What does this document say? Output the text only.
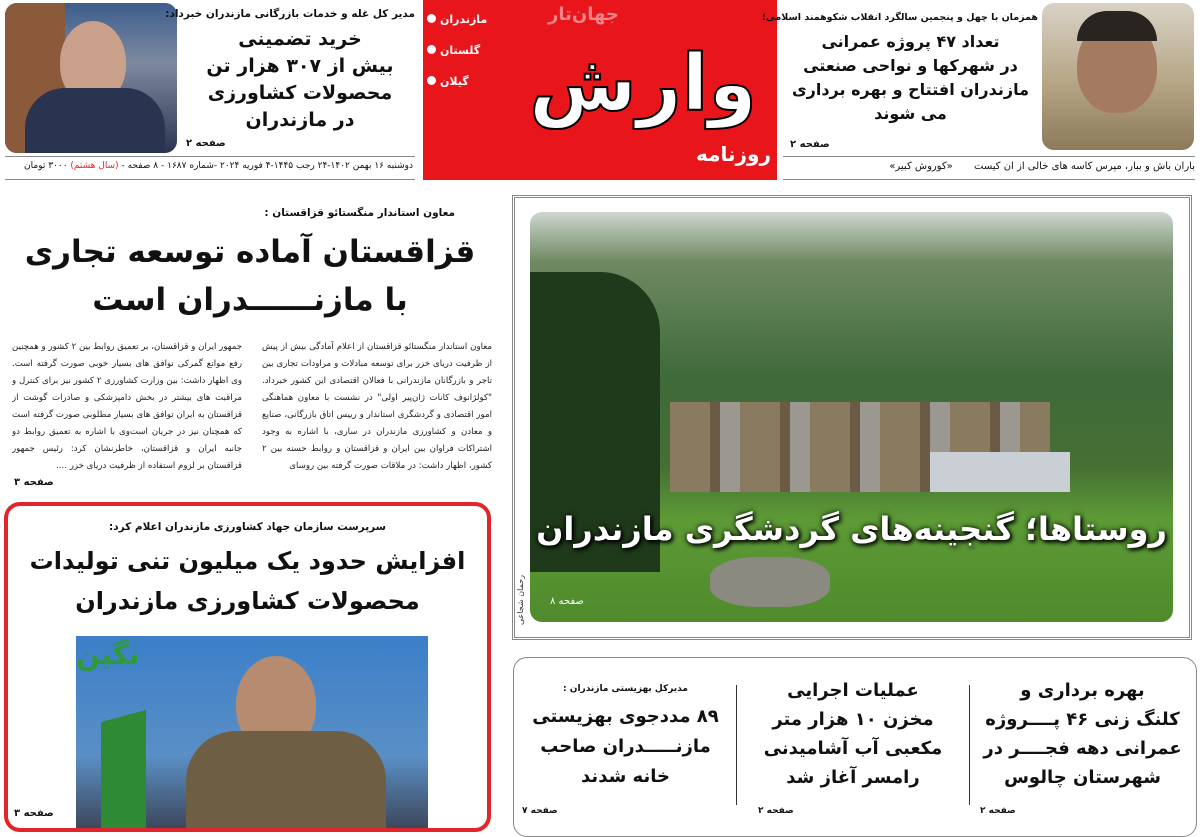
مدیر کل غله و خدمات بازرگانی مازندران خبرداد:
خرید تضمینی
بیش از ۳۰۷ هزار تن
محصولات کشاورزی
در مازندران
صفحه ۲
وارش
جهان‌تار
مازندران
گلستان
گیلان
روزنامه
همزمان با چهل و پنجمین سالگرد انقلاب شکوهمند اسلامی؛
تعداد ۴۷ پروژه عمرانی
در شهرکها و نواحی صنعتی
مازندران افتتاح و بهره برداری
می شوند
صفحه ۲
دوشنبه ۱۶ بهمن ۱۴۰۲-۲۴ رجب ۱۴۴۵-۴ فوریه ۲۰۲۴ -شماره ۱۶۸۷ - ۸ صفحه - (سال هشتم) ۳۰۰۰ تومان	باران باش و ببار، مپرس کاسه های خالی از آن کیست «کوروش کبیر»
معاون استاندار منگستائو قزاقستان :
قزاقستان آماده توسعه تجاری
با مازنــــــدران است
معاون استاندار منگستائو قزاقستان از اعلام آمادگی بیش از پیش از ظرفیت دریای خزر برای توسعه مبادلات و مراودات تجاری بین تاجر و بازرگانان مازندرانی با فعالان اقتصادی این کشور خبرداد. "کولژانوف کانات ژان‌پیر اولی" در نشست با معاون هماهنگی امور اقتصادی و گردشگری استاندار و رییس اتاق بازرگانی، صنایع و معادن و کشاورزی مازندران در ساری، با اشاره به وجود اشتراکات فراوان بین ایران و قزاقستان و روابط حسنه بین ۲ کشور، اظهار داشت: در ملاقات صورت گرفته بین روسای
جمهور ایران و قزاقستان، بر تعمیق روابط بین ۲ کشور و همچنین رفع موانع گمرکی توافق های بسیار خوبی صورت گرفته است. وی اظهار داشت: بین وزارت کشاورزی ۲ کشور نیز برای کنترل و مراقبت های بیشتر در بخش دامپزشکی و صادرات گوشت از قزاقستان به ایران توافق های بسیار مطلوبی صورت گرفته است که همچنان نیز در جریان است‌وی با اشاره به تعمیق روابط دو جانبه ایران و قزاقستان، خاطرنشان کرد: رئیس جمهور قزاقستان بر لزوم استفاده از ظرفیت دریای خزر ....
صفحه ۳
سرپرست سازمان جهاد کشاورزی مازندران اعلام کرد:
افزایش حدود یک میلیون تنی تولیدات
محصولات کشاورزی مازندران
نگین
صفحه ۳
روستاها؛ گنجینه‌های گردشگری مازندران
رحمان شجاعی	صفحه ۸
بهره برداری و
کلنگ زنی ۴۶ پــــروژه
عمرانی دهه فجــــر در
شهرستان چالوس
صفحه ۲
عملیات اجرایی
مخزن ۱۰ هزار متر
مکعبی آب آشامیدنی
رامسر آغاز شد
صفحه ۲
مدیرکل بهزیستی مازندران :
۸۹ مددجوی بهزیستی
مازنـــــدران صاحب
خانه شدند
صفحه ۷
